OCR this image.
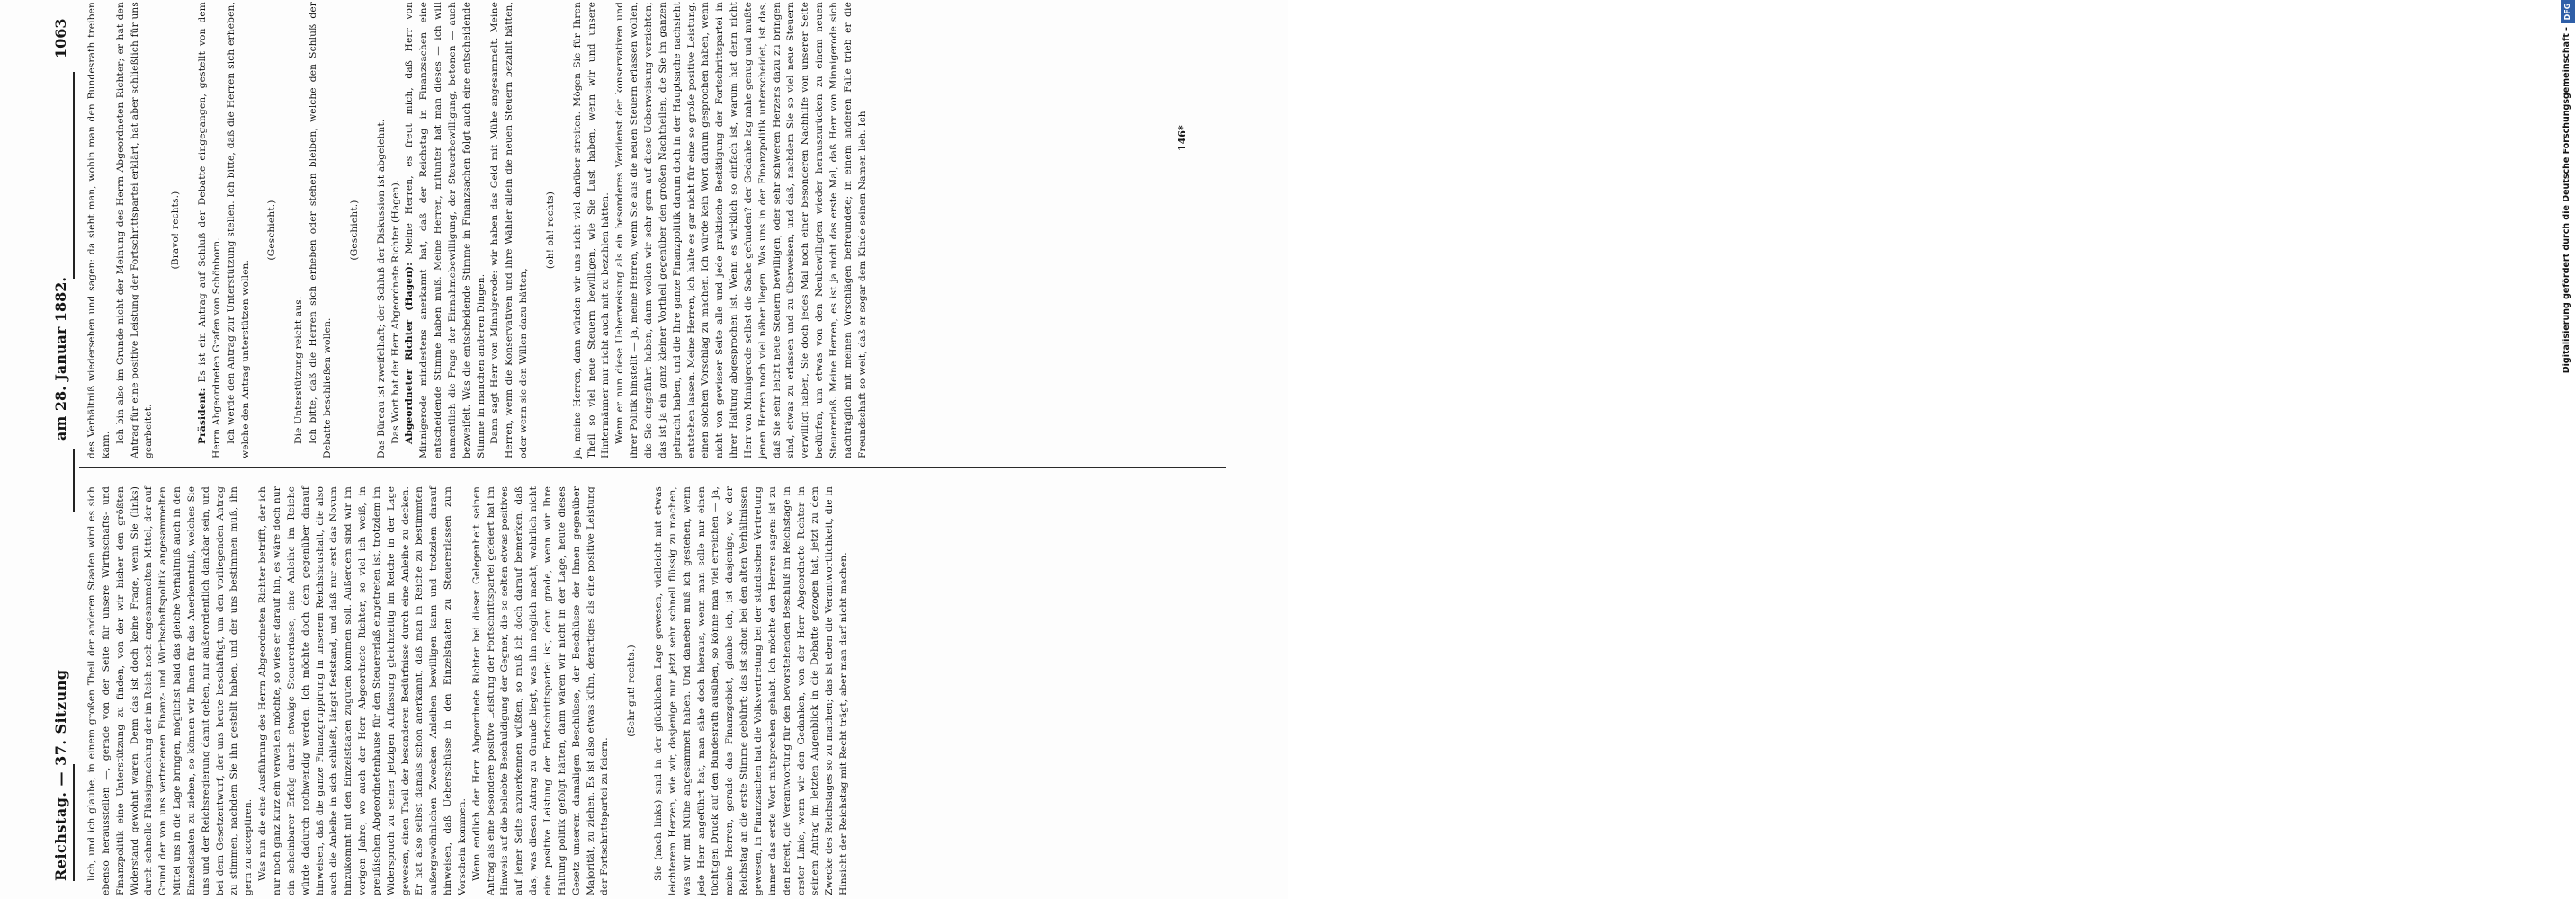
Reichstag. — 37. Sitzung
am 28. Januar 1882.
1063

lich, und ich glaube, in einem großen Theil der anderen Staaten wird es sich ebenso herausstellen —, gerade von der Seite für unsere Wirthschafts- und Finanzpolitik eine Unterstützung zu finden, von der wir bisher den größten Widerstand gewohnt waren. Denn das ist doch keine Frage, wenn Sie (links) durch schnelle Flüssigmachung der im Reich noch angesammelten Mittel, der auf Grund der von uns vertretenen Finanz- und Wirthschaftspolitik angesammelten Mittel uns in die Lage bringen, möglichst bald das gleiche Verhältniß auch in den Einzelstaaten zu ziehen, so können wir Ihnen für das Anerkenntniß, welches Sie uns und der Reichsregierung damit geben, nur außerordentlich dankbar sein, und bei dem Gesetzentwurf, der uns heute beschäftigt, um den vorliegenden Antrag zu stimmen, nachdem Sie ihn gestellt haben, und der uns bestimmen muß, ihn gern zu acceptiren. Was nun die eine Ausführung des Herrn Abgeordneten Richter betrifft, der ich nur noch ganz kurz ein verweilen möchte, so wies er darauf hin, es wäre doch nur ein scheinbarer Erfolg durch etwaige Steuererlasse; eine Anleihe im Reiche würde dadurch nothwendig werden. Ich möchte doch dem gegenüber darauf hinweisen, daß die ganze Finanzgruppirung in unserem Reichshaushalt, die also auch die Anleihe in sich schließt, längst feststand, und daß nur erst das Novum hinzukommt mit den Einzelstaaten zuguten kommen soll. Außerdem sind wir im vorigen Jahre, wo auch der Herr Abgeordnete Richter, so viel ich weiß, in preußischen Abgeordnetenhause für den Steuererlaß eingetreten ist, trotzdem im Widerspruch zu seiner jetzigen Auffassung gleichzeitig im Reiche in der Lage gewesen, einen Theil der besonderen Bedürfnisse durch eine Anleihe zu decken. Er hat also selbst damals schon anerkannt, daß man in Reiche zu bestimmten außergewöhnlichen Zwecken Anleihen bewilligen kann und trotzdem darauf hinweisen, daß Ueberschüsse in den Einzelstaaten zu Steuererlassen zum Vorschein kommen. Wenn endlich der Herr Abgeordnete Richter bei dieser Gelegenheit seinen Antrag als eine besondere positive Leistung der Fortschrittspartei gefeiert hat im Hinweis auf die beliebte Beschuldigung der Gegner, die so selten etwas positives auf jener Seite anzuerkennen wüßten, so muß ich doch darauf bemerken, daß das, was diesen Antrag zu Grunde liegt, was ihn möglich macht, wahrlich nicht eine positive Leistung der Fortschrittspartei ist, denn grade, wenn wir Ihre Haltung politik gefolgt hätten, dann wären wir nicht in der Lage, heute dieses Gesetz unserem damaligen Beschlüsse, der Beschlüsse der Ihnen gegenüber Majorität, zu ziehen. Es ist also etwas kühn, derartiges als eine positive Leistung der Fortschrittspartei zu feiern.

(Sehr gut! rechts.) Sie (nach links) sind in der glücklichen Lage gewesen, vielleicht mit etwas leichterem Herzen, wie wir, dasjenige nur jetzt sehr schnell flüssig zu machen, was wir mit Mühe angesammelt haben. Und daneben muß ich gestehen, wenn jede Herr angeführt hat, man sähe doch hieraus, wenn man solle nur einen tüchtigen Druck auf den Bundesrath ausüben, so könne man viel erreichen — ja, meine Herren, gerade das Finanzgebiet, glaube ich, ist dasjenige, wo der Reichstag an die erste Stimme gebührt; das ist schon bei den alten Verhältnissen gewesen, in Finanzsachen hat die Volksvertretung bei der ständischen Vertretung immer das erste Wort mitsprechen gehabt. Ich möchte den Herren sagen: ist zu den Bereit, die Verantwortung für den bevorstehenden Beschluß im Reichstage in erster Linie, wenn wir den Gedanken, von der Herr Abgeordnete Richter in seinem Antrag im letzten Augenblick in die Debatte gezogen hat, jetzt zu dem Zwecke des Reichstages so zu machen; das ist eben die Verantwortlichkeit, die in Hinsicht der Reichstag mit Recht trägt, aber man darf nicht machen.

des Verhältniß wiedersehen und sagen: da sieht man, wohin man den Bundesrath treiben kann.

Ich bin also im Grunde nicht der Meinung des Herrn Abgeordneten Richter; er hat den Antrag für eine positive Leistung der Fortschrittspartei erklärt, hat aber schließlich für uns gearbeitet.

(Bravo! rechts.)

Präsident: Es ist ein Antrag auf Schluß der Debatte eingegangen, gestellt von dem Herrn Abgeordneten Grafen von Schönborn. Ich werde den Antrag zur Unterstützung stellen. Ich bitte, daß die Herren sich erheben, welche den Antrag unterstützen wollen.

(Geschieht.)

Die Unterstützung reicht aus. Ich bitte, daß die Herren sich erheben oder stehen bleiben, welche den Schluß der Debatte beschließen wollen.

(Geschieht.) Das Büreau ist zweifelhaft; der Schluß der Diskussion ist abgelehnt. Das Wort hat der Herr Abgeordnete Richter (Hagen). Abgeordneter Richter (Hagen): Meine Herren, es freut mich, daß Herr von Minnigerode mindestens anerkannt hat, daß der Reichstag in Finanzsachen eine entscheidende Stimme haben muß. Meine Herren, mitunter hat man dieses — ich will namentlich die Frage der Einnahmebewilligung, der Steuerbewilligung, betonen — auch bezweifelt. Was die entscheidende Stimme in Finanzsachen folgt auch eine entscheidende Stimme in manchen anderen Dingen. Dann sagt Herr von Minnigerode: wir haben das Geld mit Mühe angesammelt. Meine Herren, wenn die Konservativen und ihre Wähler allein die neuen Steuern bezahlt hätten, oder wenn sie den Willen dazu hätten,

(oh! oh! rechts) ja, meine Herren, dann würden wir uns nicht viel darüber streiten. Mögen Sie für Ihren Theil so viel neue Steuern bewilligen, wie Sie Lust haben, wenn wir und unsere Hintermänner nur nicht auch mit zu bezahlen hätten. Wenn er nun diese Ueberweisung als ein besonderes Verdienst der konservativen und ihrer Politik hinstellt — ja, meine Herren, wenn Sie aus die neuen Steuern erlassen wollen, die Sie eingeführt haben, dann wollen wir sehr gern auf diese Ueberweisung verzichten; das ist ja ein ganz kleiner Vortheil gegenüber den großen Nachtheilen, die Sie im ganzen gebracht haben, und die Ihre ganze Finanzpolitik darum doch in der Hauptsache nachsieht entstehen lassen. Meine Herren, ich halte es gar nicht für eine so große positive Leistung, einen solchen Vorschlag zu machen. Ich würde kein Wort darum gesprochen haben, wenn nicht von gewisser Seite alle und jede praktische Bestätigung der Fortschrittspartei in ihrer Haltung abgesprochen ist. Wenn es wirklich so einfach ist, warum hat denn nicht Herr von Minnigerode selbst die Sache gefunden? der Gedanke lag nahe genug und mußte jenen Herren noch viel näher liegen. Was uns in der Finanzpolitik unterscheidet, ist das, daß Sie sehr leicht neue Steuern bewilligen, oder sehr schweren Herzens dazu zu bringen sind, etwas zu erlassen und zu überweisen, und daß, nachdem Sie so viel neue Steuern verwilligt haben, Sie doch jedes Mal noch einer besonderen Nachhilfe von unserer Seite bedürfen, um etwas von den Neubewilligten wieder herauszurücken zu einem neuen Steuererlaß. Meine Herren, es ist ja nicht das erste Mal, daß Herr von Minnigerode sich nachträglich mit meinen Vorschlägen befreundete; in einem anderen Falle trieb er die Freundschaft so weit, daß er sogar dem Kinde seinen Namen lieh. Ich	146*	Digitalisierung gefördert durch die Deutsche Forschungsgemeinschaft -
DFG
